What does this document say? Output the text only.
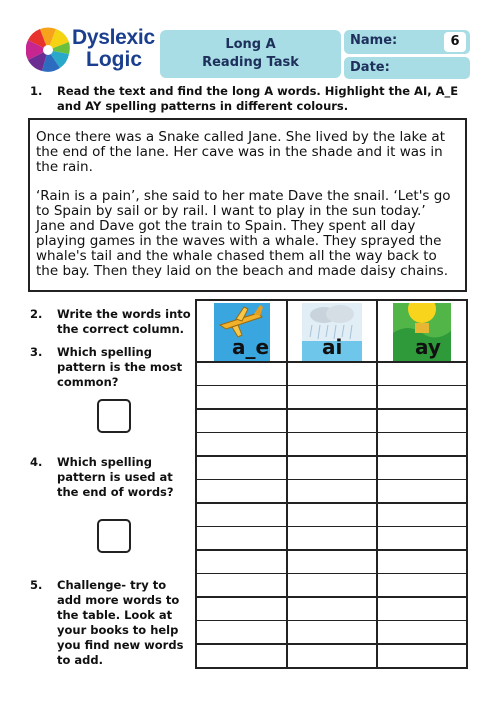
Dyslexic
Logic
Long A
Reading Task
Name:	6
Date:
1. Read the text and find the long A words. Highlight the AI, A_E and AY spelling patterns in different colours.

Once there was a Snake called Jane. She lived by the lake at the end of the lane. Her cave was in the shade and it was in the rain.

‘Rain is a pain’, she said to her mate Dave the snail. ‘Let's go to Spain by sail or by rail. I want to play in the sun today.’ Jane and Dave got the train to Spain. They spent all day playing games in the waves with a whale. They sprayed the whale's tail and the whale chased them all the way back to the bay. Then they laid on the beach and made daisy chains.

2. Write the words into the correct column.
3. Which spelling pattern is the most common?
4. Which spelling pattern is used at the end of words?
5. Challenge- try to add more words to the table. Look at your books to help you find new words to add.
a_e	ai	ay
